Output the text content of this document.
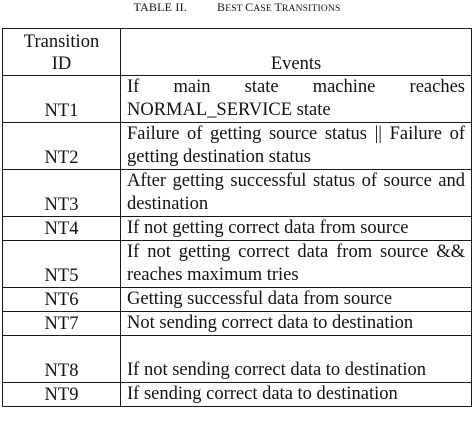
TABLE II.	BEST CASE TRANSITIONS
Transition
ID	Events
NT1	If main state machine reaches NORMAL_SERVICE state
NT2	Failure of getting source status || Failure of getting destination status
NT3	After getting successful status of source and destination
NT4	If not getting correct data from source
NT5	If not getting correct data from source && reaches maximum tries
NT6	Getting successful data from source
NT7	Not sending correct data to destination
NT8	If not sending correct data to destination
NT9	If sending correct data to destination
